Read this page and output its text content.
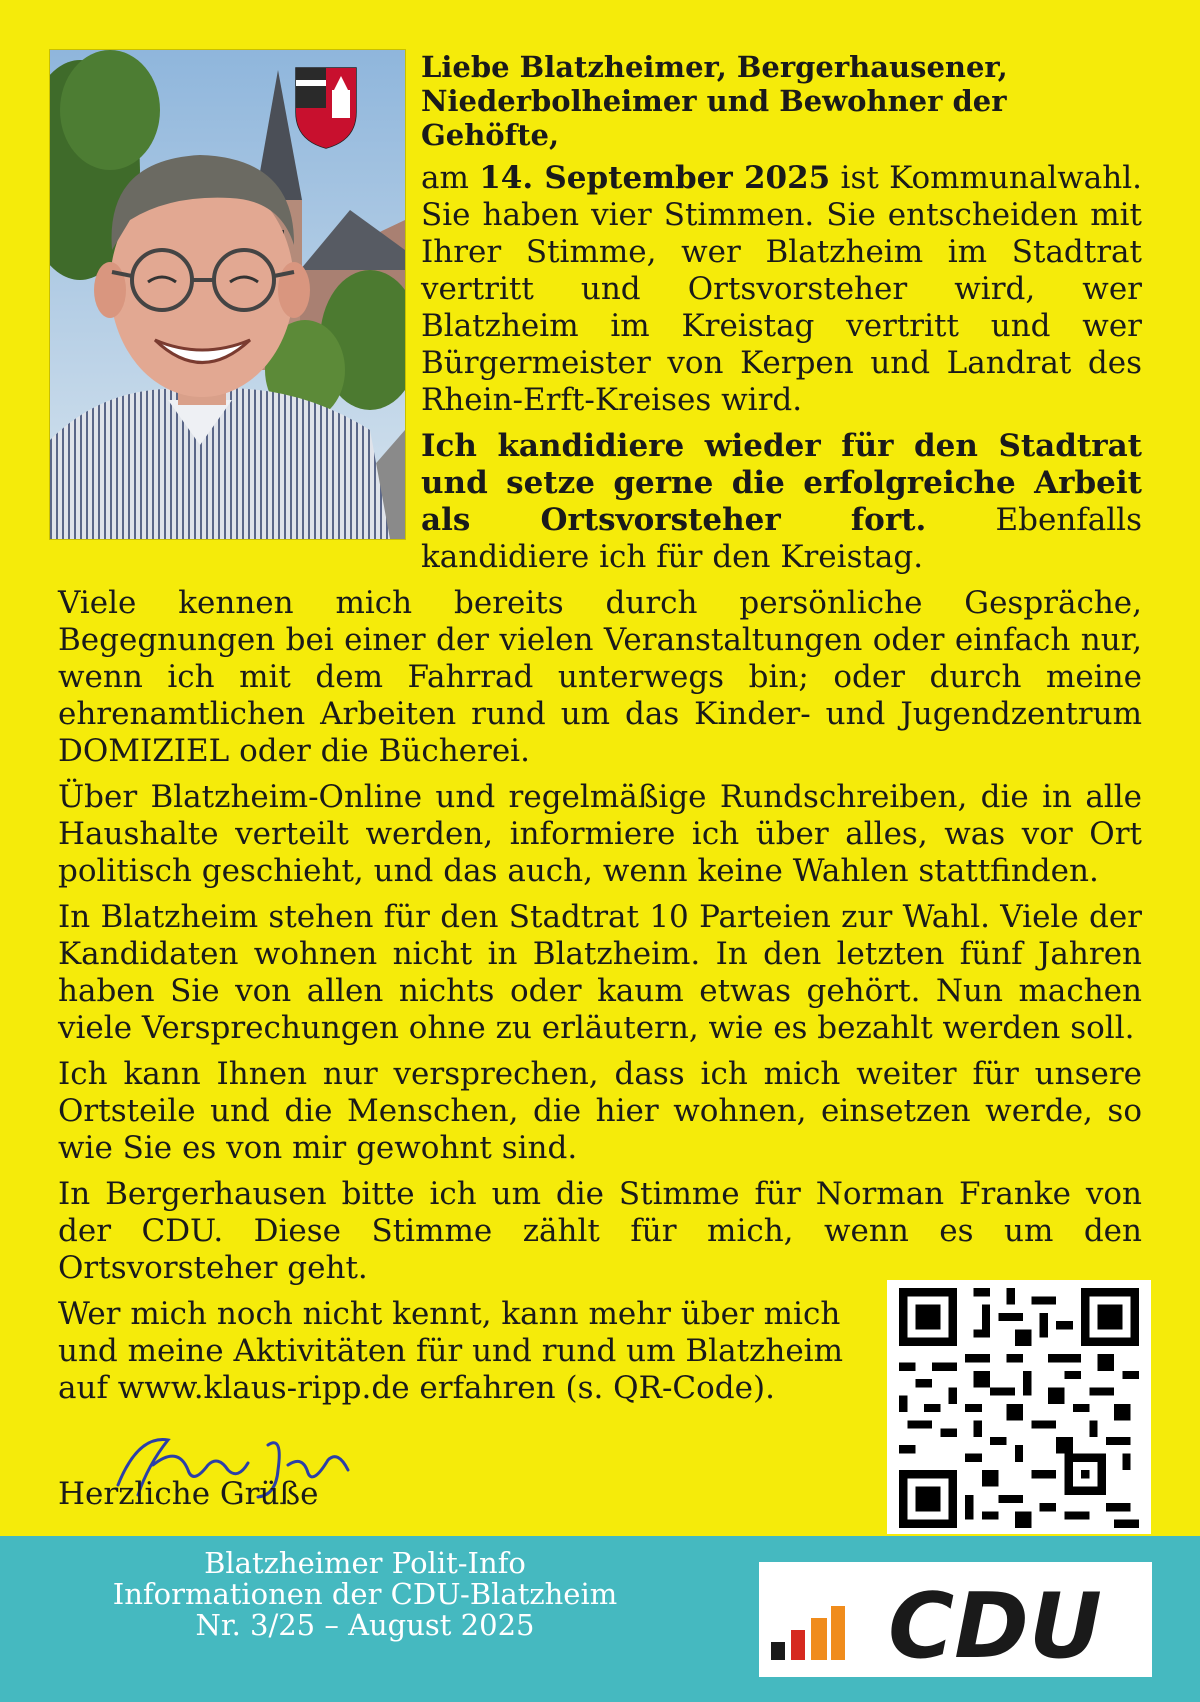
Liebe Blatzheimer, Bergerhausener, Niederbolheimer und Bewohner der Gehöfte,

am 14. September 2025 ist Kommunalwahl. Sie haben vier Stimmen. Sie entscheiden mit Ihrer Stimme, wer Blatzheim im Stadtrat vertritt und Ortsvorsteher wird, wer Blatzheim im Kreistag vertritt und wer Bürgermeister von Kerpen und Landrat des Rhein-Erft-Kreises wird.

Ich kandidiere wieder für den Stadtrat und setze gerne die erfolgreiche Arbeit als Ortsvorsteher fort. Ebenfalls kandidiere ich für den Kreistag.

Viele kennen mich bereits durch persönliche Gespräche, Begegnungen bei einer der vielen Veranstaltungen oder einfach nur, wenn ich mit dem Fahrrad unterwegs bin; oder durch meine ehrenamtlichen Arbeiten rund um das Kinder- und Jugendzentrum DOMIZIEL oder die Bücherei.

Über Blatzheim-Online und regelmäßige Rundschreiben, die in alle Haushalte verteilt werden, informiere ich über alles, was vor Ort politisch geschieht, und das auch, wenn keine Wahlen stattfinden.

In Blatzheim stehen für den Stadtrat 10 Parteien zur Wahl. Viele der Kandidaten wohnen nicht in Blatzheim. In den letzten fünf Jahren haben Sie von allen nichts oder kaum etwas gehört. Nun machen viele Versprechungen ohne zu erläutern, wie es bezahlt werden soll.

Ich kann Ihnen nur versprechen, dass ich mich weiter für unsere Ortsteile und die Menschen, die hier wohnen, einsetzen werde, so wie Sie es von mir gewohnt sind.

In Bergerhausen bitte ich um die Stimme für Norman Franke von der CDU. Diese Stimme zählt für mich, wenn es um den Ortsvorsteher geht.

Wer mich noch nicht kennt, kann mehr über mich
und meine Aktivitäten für und rund um Blatzheim
auf www.klaus-ripp.de erfahren (s. QR-Code).

Herzliche Grüße
Blatzheimer Polit-Info
Informationen der CDU-Blatzheim
Nr. 3/25 – August 2025	CDU
